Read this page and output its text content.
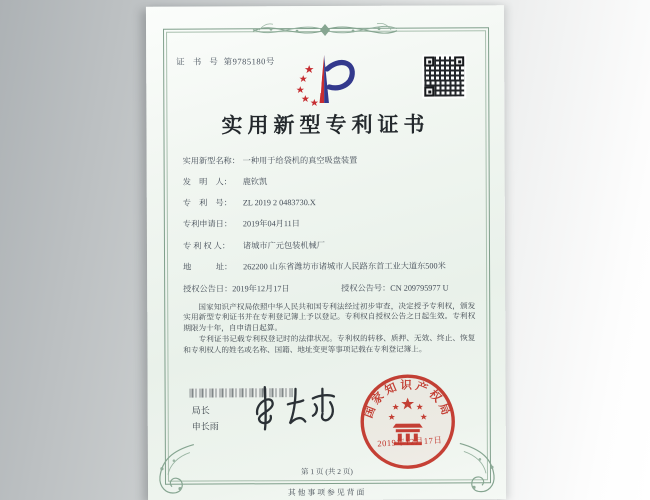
证 书 号 第9785180号
实用新型专利证书
实用新型名称： 一种用于给袋机的真空吸盘装置
发　明　人： 鹿钦凯
专　利　号： ZL 2019 2 0483730.X
专利申请日： 2019年04月11日
专 利 权 人： 诸城市广元包装机械厂
地　　　址： 262200 山东省潍坊市诸城市人民路东首工业大道东500米
授权公告日：2019年12月17日	授权公告号：CN 209795977 U

国家知识产权局依照中华人民共和国专利法经过初步审查，决定授予专利权，颁发实用新型专利证书并在专利登记簿上予以登记。专利权自授权公告之日起生效。专利权期限为十年，自申请日起算。

专利证书记载专利权登记时的法律状况。专利权的转移、质押、无效、终止、恢复和专利权人的姓名或名称、国籍、地址变更等事项记载在专利登记簿上。

局长
申长雨
国家知识产权局
2019年12月17日
第 1 页 (共 2 页)
其他事项参见背面
